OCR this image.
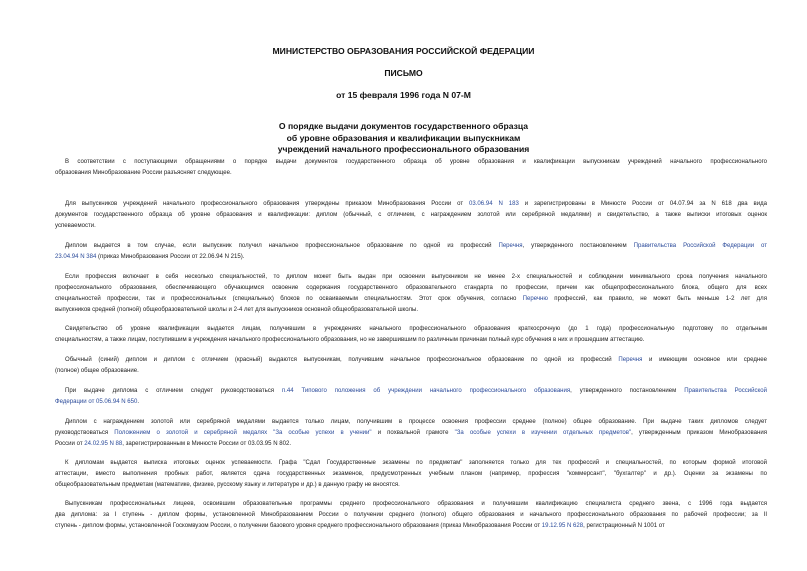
МИНИСТЕРСТВО ОБРАЗОВАНИЯ РОССИЙСКОЙ ФЕДЕРАЦИИ
ПИСЬМО
от 15 февраля 1996 года N 07-М
О порядке выдачи документов государственного образца
об уровне образования и квалификации выпускникам
учреждений начального профессионального образования
В соответствии с поступающими обращениями о порядке выдачи документов государственного образца об уровне образования и квалификации выпускникам учреждений начального профессионального
образования Минобразование России разъясняет следующее.
Для выпускников учреждений начального профессионального образования утверждены приказом Минобразования России от 03.06.94 N 183 и зарегистрированы в Минюсте России от 04.07.94 за N 618 два вида
документов государственного образца об уровне образования и квалификации: диплом (обычный, с отличием, с награждением золотой или серебряной медалями) и свидетельство, а также выписки итоговых оценок
успеваемости.
Диплом выдается в том случае, если выпускник получил начальное профессиональное образование по одной из профессий Перечня, утвержденного постановлением Правительства Российской Федерации от
23.04.94 N 384 (приказ Минобразования России от 22.06.94 N 215).
Если профессия включает в себя несколько специальностей, то диплом может быть выдан при освоении выпускником не менее 2-х специальностей и соблюдении минимального срока получения начального
профессионального образования, обеспечивающего обучающимся освоение содержания государственного образовательного стандарта по профессии, причем как общепрофессионального блока, общего для всех
специальностей профессии, так и профессиональных (специальных) блоков по осваиваемым специальностям. Этот срок обучения, согласно Перечню профессий, как правило, не может быть меньше 1-2 лет для
выпускников средней (полной) общеобразовательной школы и 2-4 лет для выпускников основной общеобразовательной школы.
Свидетельство об уровне квалификации выдается лицам, получившим в учреждениях начального профессионального образования краткосрочную (до 1 года) профессиональную подготовку по отдельным
специальностям, а также лицам, поступившим в учреждения начального профессионального образования, но не завершившим по различным причинам полный курс обучения в них и прошедшим аттестацию.
Обычный (синий) диплом и диплом с отличием (красный) выдаются выпускникам, получившим начальное профессиональное образование по одной из профессий Перечня и имеющим основное или среднее
(полное) общее образование.
При выдаче диплома с отличием следует руководствоваться п.44 Типового положения об учреждении начального профессионального образования, утвержденного постановлением Правительства Российской
Федерации от 05.06.94 N 650.
Диплом с награждением золотой или серебряной медалями выдается только лицам, получившим в процессе освоения профессии среднее (полное) общее образование. При выдаче таких дипломов следует
руководствоваться Положением о золотой и серебряной медалях "За особые успехи в учении" и похвальной грамоте "За особые успехи в изучении отдельных предметов", утвержденным приказом Минобразования
России от 24.02.95 N 88, зарегистрированным в Минюсте России от 03.03.95 N 802.
К дипломам выдается выписка итоговых оценок успеваемости. Графа "Сдал Государственные экзамены по предметам" заполняется только для тех профессий и специальностей, по которым формой итоговой
аттестации, вместо выполнения пробных работ, является сдача государственных экзаменов, предусмотренных учебным планом (например, профессия "коммерсант", "бухгалтер" и др.). Оценки за экзамены по
общеобразовательным предметам (математике, физике, русскому языку и литературе и др.) в данную графу не вносятся.
Выпускникам профессиональных лицеев, освоившим образовательные программы среднего профессионального образования и получившим квалификацию специалиста среднего звена, с 1996 года выдается
два диплома: за I ступень - диплом формы, установленной Минобразованием России о получении среднего (полного) общего образования и начального профессионального образования по рабочей профессии; за II
ступень - диплом формы, установленной Госкомвузом России, о получении базового уровня среднего профессионального образования (приказ Минобразования России от 19.12.95 N 628, регистрационный N 1001 от
